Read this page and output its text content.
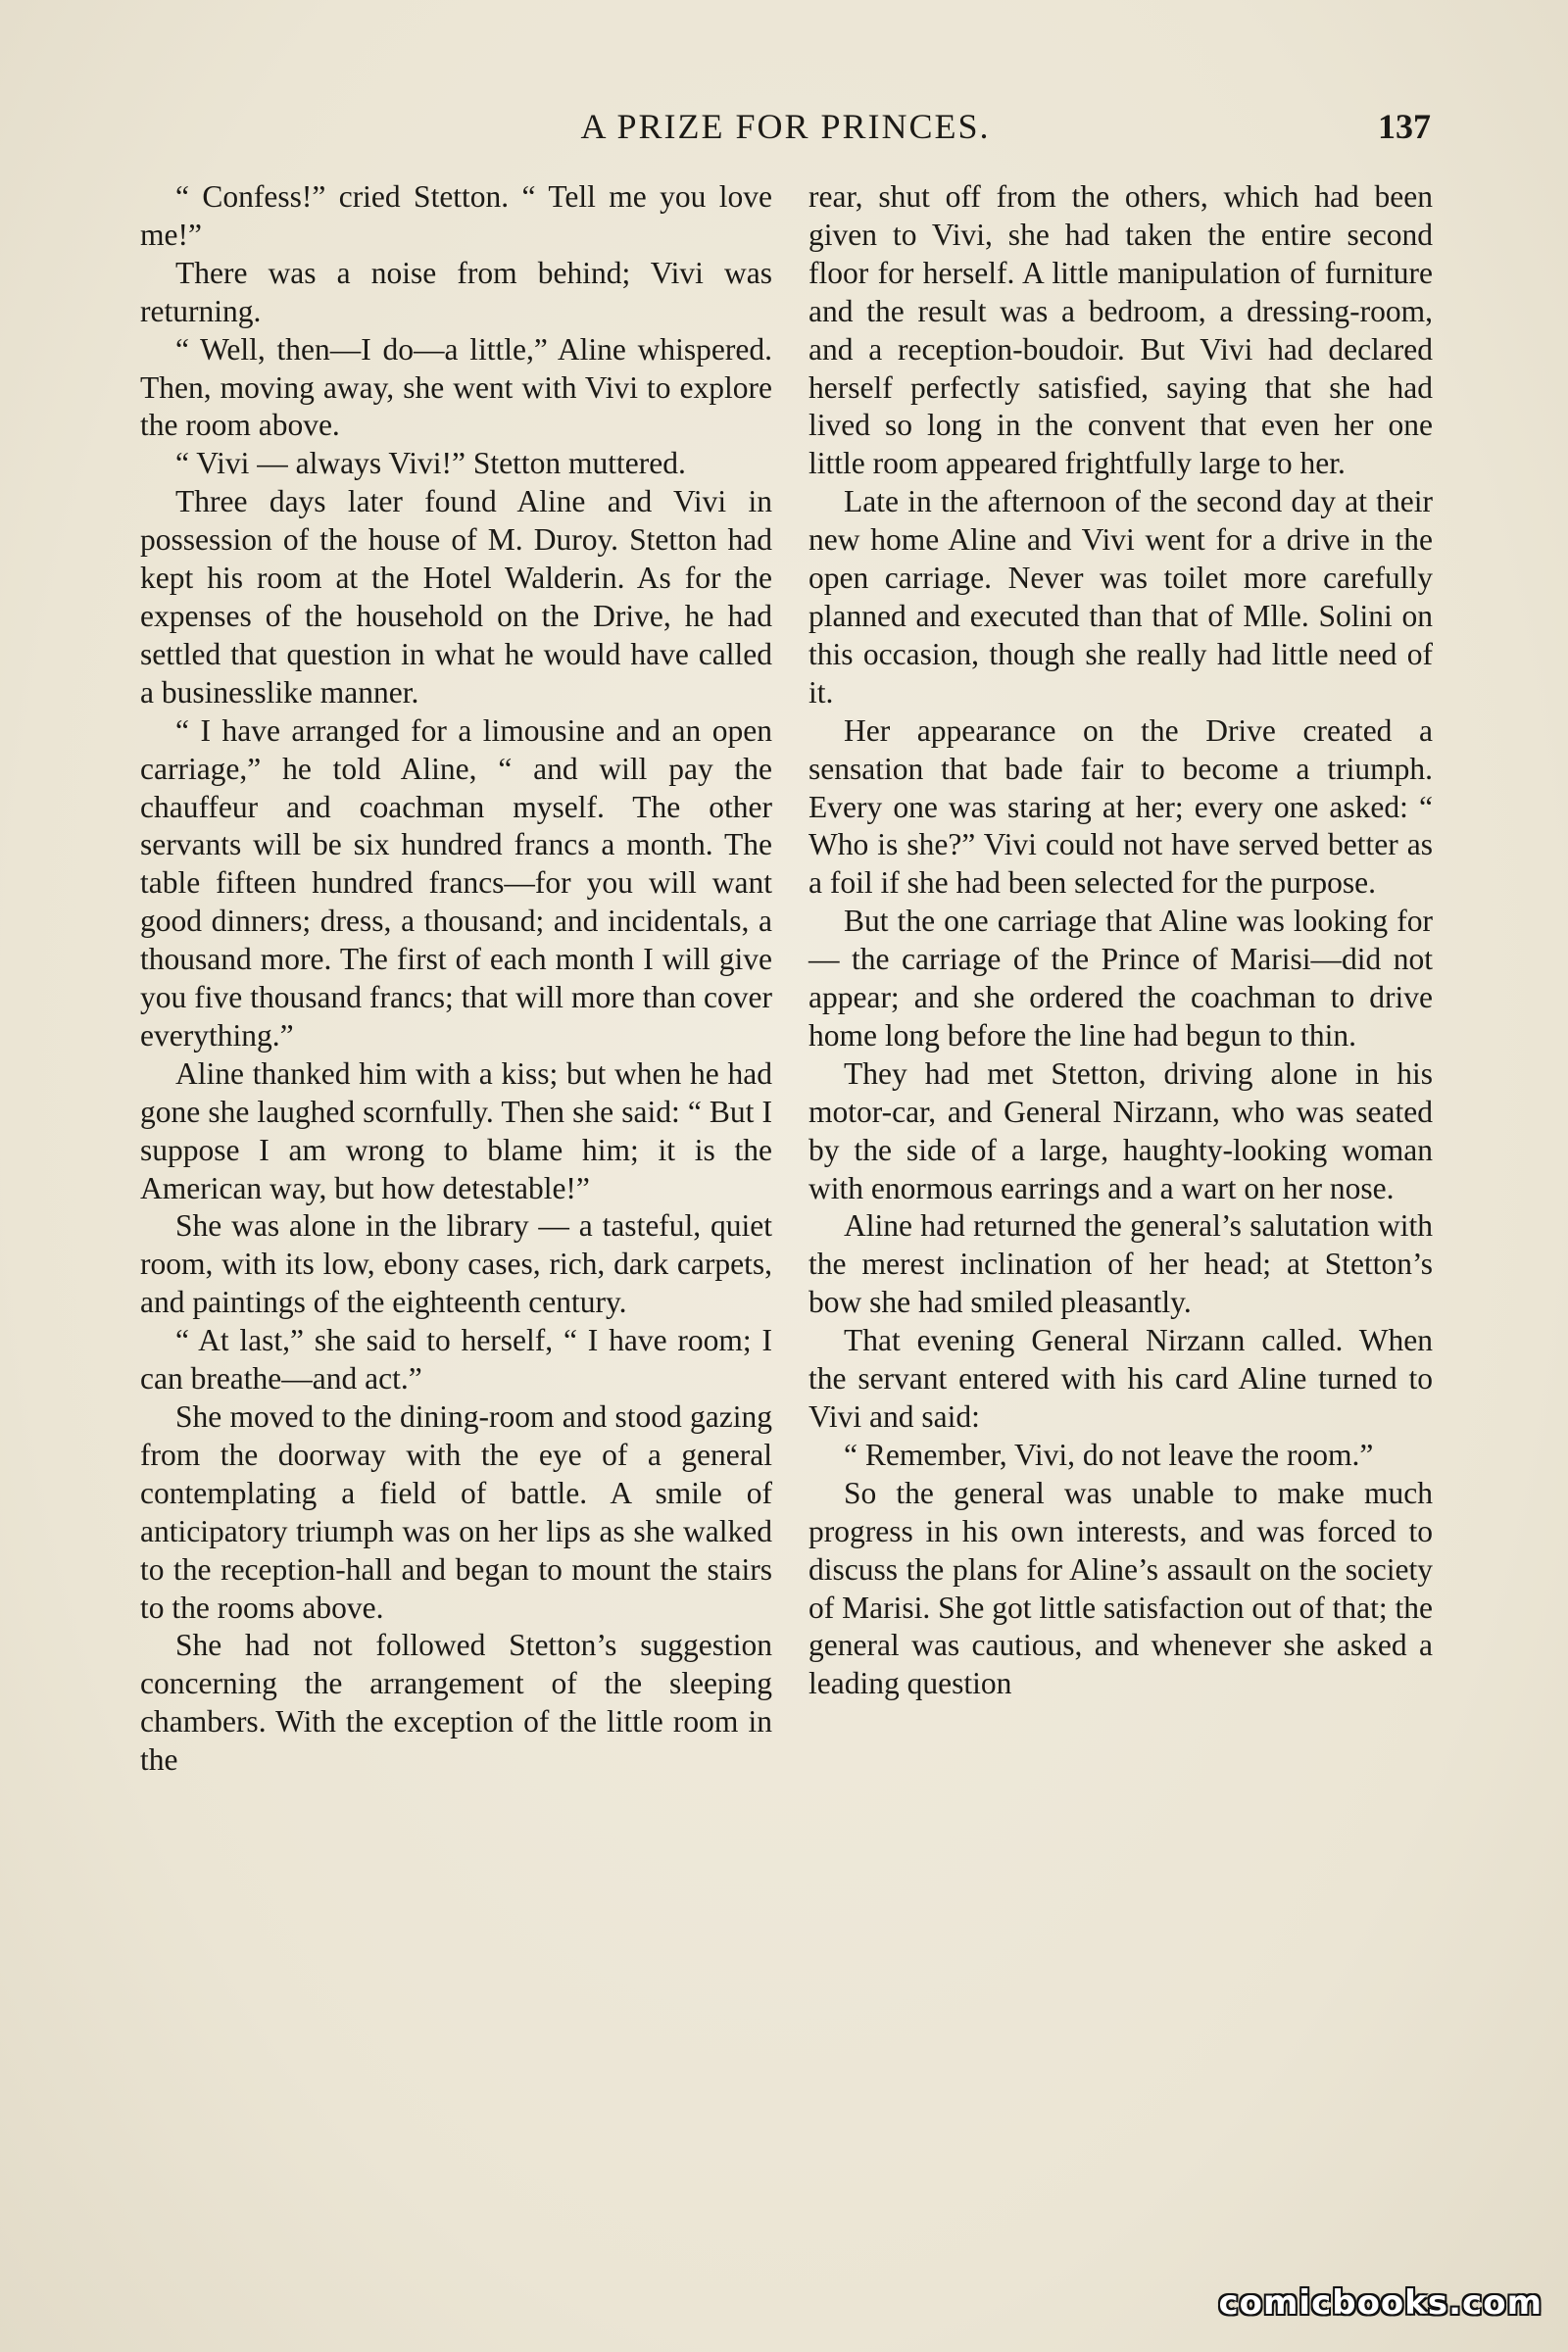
A PRIZE FOR PRINCES.	137

“ Confess!” cried Stetton. “ Tell me you love me!”

There was a noise from behind; Vivi was returning.

“ Well, then—I do—a little,” Aline whispered. Then, moving away, she went with Vivi to explore the room above.

“ Vivi — always Vivi!” Stetton muttered.

Three days later found Aline and Vivi in possession of the house of M. Duroy. Stetton had kept his room at the Hotel Walderin. As for the expenses of the household on the Drive, he had settled that question in what he would have called a businesslike manner.

“ I have arranged for a limousine and an open carriage,” he told Aline, “ and will pay the chauffeur and coachman myself. The other servants will be six hundred francs a month. The table fifteen hundred francs—for you will want good dinners; dress, a thousand; and incidentals, a thousand more. The first of each month I will give you five thousand francs; that will more than cover everything.”

Aline thanked him with a kiss; but when he had gone she laughed scornfully. Then she said: “ But I suppose I am wrong to blame him; it is the American way, but how detestable!”

She was alone in the library — a tasteful, quiet room, with its low, ebony cases, rich, dark carpets, and paintings of the eighteenth century.

“ At last,” she said to herself, “ I have room; I can breathe—and act.”

She moved to the dining-room and stood gazing from the doorway with the eye of a general contemplating a field of battle. A smile of anticipatory triumph was on her lips as she walked to the reception-hall and began to mount the stairs to the rooms above.

She had not followed Stetton’s suggestion concerning the arrangement of the sleeping chambers. With the exception of the little room in the

rear, shut off from the others, which had been given to Vivi, she had taken the entire second floor for herself. A little manipulation of furniture and the result was a bedroom, a dressing-room, and a reception-boudoir. But Vivi had declared herself perfectly satisfied, saying that she had lived so long in the convent that even her one little room appeared frightfully large to her.

Late in the afternoon of the second day at their new home Aline and Vivi went for a drive in the open carriage. Never was toilet more carefully planned and executed than that of Mlle. Solini on this occasion, though she really had little need of it.

Her appearance on the Drive created a sensation that bade fair to become a triumph. Every one was staring at her; every one asked: “ Who is she?” Vivi could not have served better as a foil if she had been selected for the purpose.

But the one carriage that Aline was looking for — the carriage of the Prince of Marisi—did not appear; and she ordered the coachman to drive home long before the line had begun to thin.

They had met Stetton, driving alone in his motor-car, and General Nirzann, who was seated by the side of a large, haughty-looking woman with enormous earrings and a wart on her nose.

Aline had returned the general’s salutation with the merest inclination of her head; at Stetton’s bow she had smiled pleasantly.

That evening General Nirzann called. When the servant entered with his card Aline turned to Vivi and said:

“ Remember, Vivi, do not leave the room.”

So the general was unable to make much progress in his own interests, and was forced to discuss the plans for Aline’s assault on the society of Marisi. She got little satisfaction out of that; the general was cautious, and whenever she asked a leading question

comicbooks.com
